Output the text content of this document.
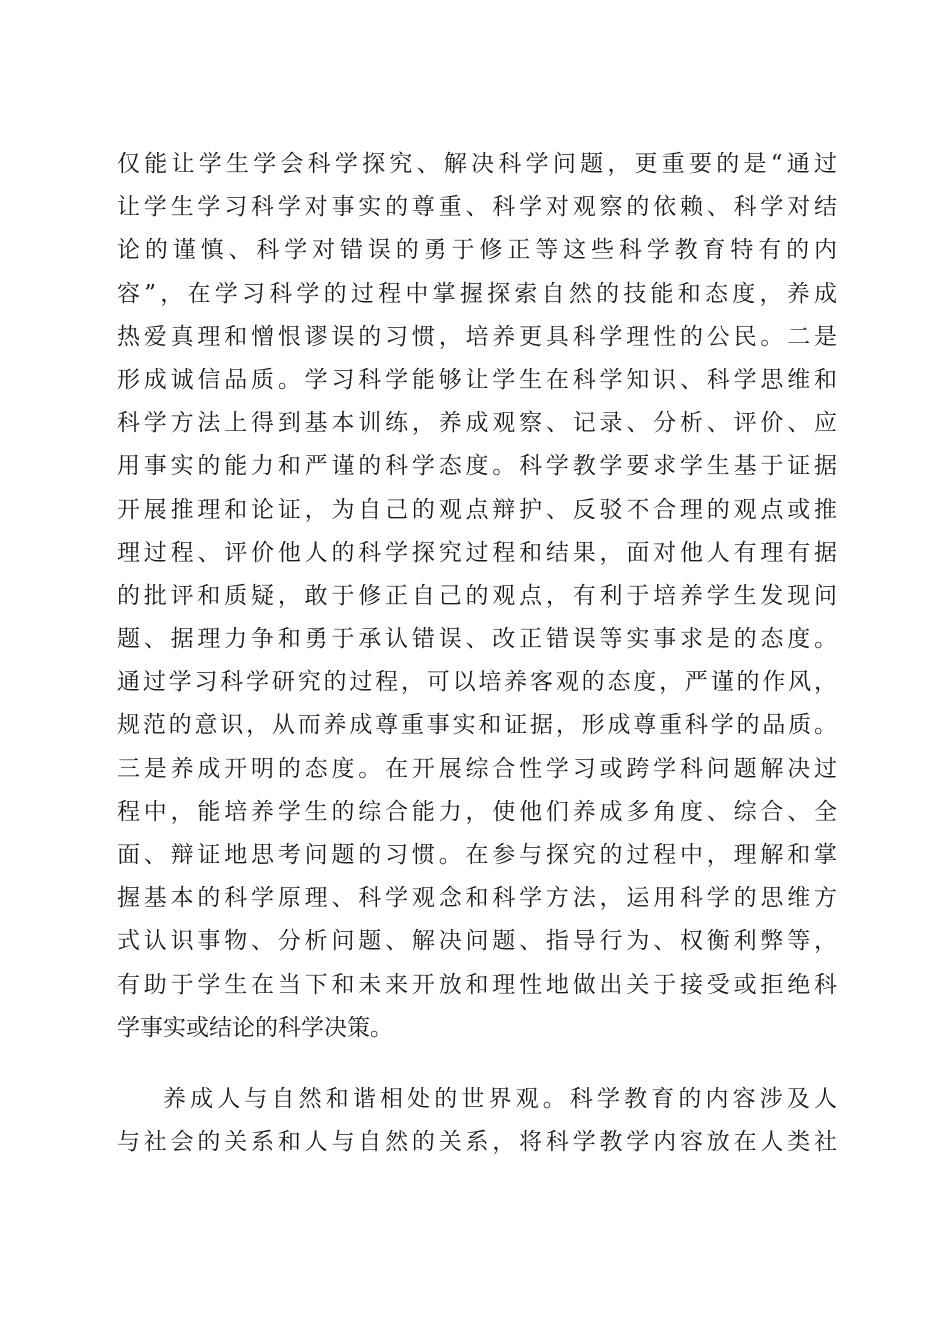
仅能让学生学会科学探究、解决科学问题，更重要的是“通过
让学生学习科学对事实的尊重、科学对观察的依赖、科学对结
论的谨慎、科学对错误的勇于修正等这些科学教育特有的内
容”，在学习科学的过程中掌握探索自然的技能和态度，养成
热爱真理和憎恨谬误的习惯，培养更具科学理性的公民。二是
形成诚信品质。学习科学能够让学生在科学知识、科学思维和
科学方法上得到基本训练，养成观察、记录、分析、评价、应
用事实的能力和严谨的科学态度。科学教学要求学生基于证据
开展推理和论证，为自己的观点辩护、反驳不合理的观点或推
理过程、评价他人的科学探究过程和结果，面对他人有理有据
的批评和质疑，敢于修正自己的观点，有利于培养学生发现问
题、据理力争和勇于承认错误、改正错误等实事求是的态度。
通过学习科学研究的过程，可以培养客观的态度，严谨的作风，
规范的意识，从而养成尊重事实和证据，形成尊重科学的品质。
三是养成开明的态度。在开展综合性学习或跨学科问题解决过
程中，能培养学生的综合能力，使他们养成多角度、综合、全
面、辩证地思考问题的习惯。在参与探究的过程中，理解和掌
握基本的科学原理、科学观念和科学方法，运用科学的思维方
式认识事物、分析问题、解决问题、指导行为、权衡利弊等，
有助于学生在当下和未来开放和理性地做出关于接受或拒绝科
学事实或结论的科学决策。
养成人与自然和谐相处的世界观。科学教育的内容涉及人
与社会的关系和人与自然的关系，将科学教学内容放在人类社
